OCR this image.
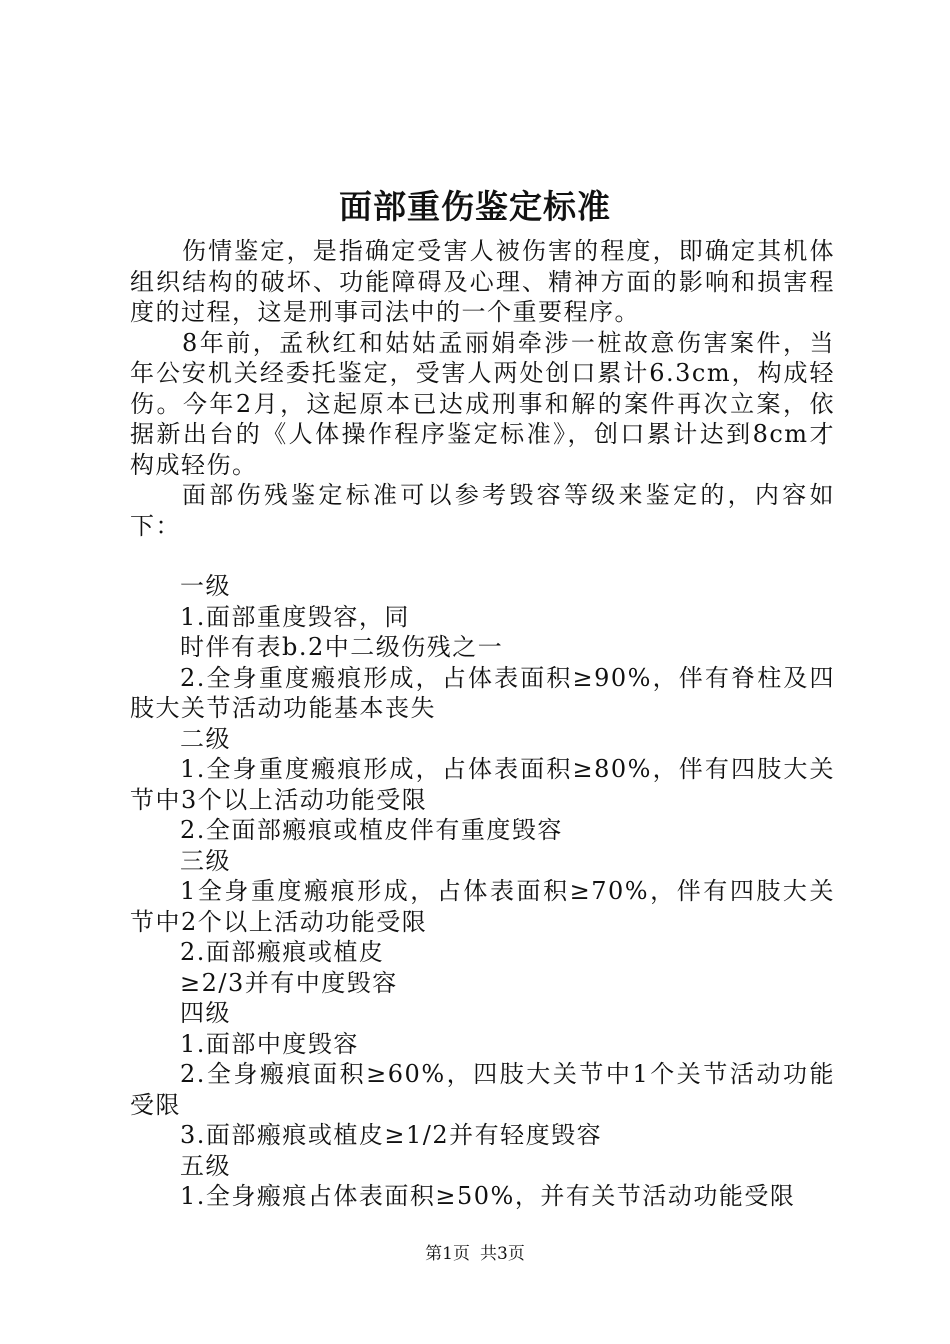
面部重伤鉴定标准

伤情鉴定，是指确定受害人被伤害的程度，即确定其机体组织结构的破坏、功能障碍及心理、精神方面的影响和损害程度的过程，这是刑事司法中的一个重要程序。

8年前，孟秋红和姑姑孟丽娟牵涉一桩故意伤害案件，当年公安机关经委托鉴定，受害人两处创口累计6.3cm，构成轻伤。今年2月，这起原本已达成刑事和解的案件再次立案，依据新出台的《人体操作程序鉴定标准》，创口累计达到8cm才构成轻伤。

面部伤残鉴定标准可以参考毁容等级来鉴定的，内容如下：

一级

1.面部重度毁容，同

时伴有表b.2中二级伤残之一

2.全身重度瘢痕形成，占体表面积≥90%，伴有脊柱及四肢大关节活动功能基本丧失

二级

1.全身重度瘢痕形成，占体表面积≥80%，伴有四肢大关节中3个以上活动功能受限

2.全面部瘢痕或植皮伴有重度毁容

三级

1全身重度瘢痕形成，占体表面积≥70%，伴有四肢大关节中2个以上活动功能受限

2.面部瘢痕或植皮

≥2/3并有中度毁容

四级

1.面部中度毁容

2.全身瘢痕面积≥60%，四肢大关节中1个关节活动功能受限

3.面部瘢痕或植皮≥1/2并有轻度毁容

五级

1.全身瘢痕占体表面积≥50%，并有关节活动功能受限

第1页 共3页
